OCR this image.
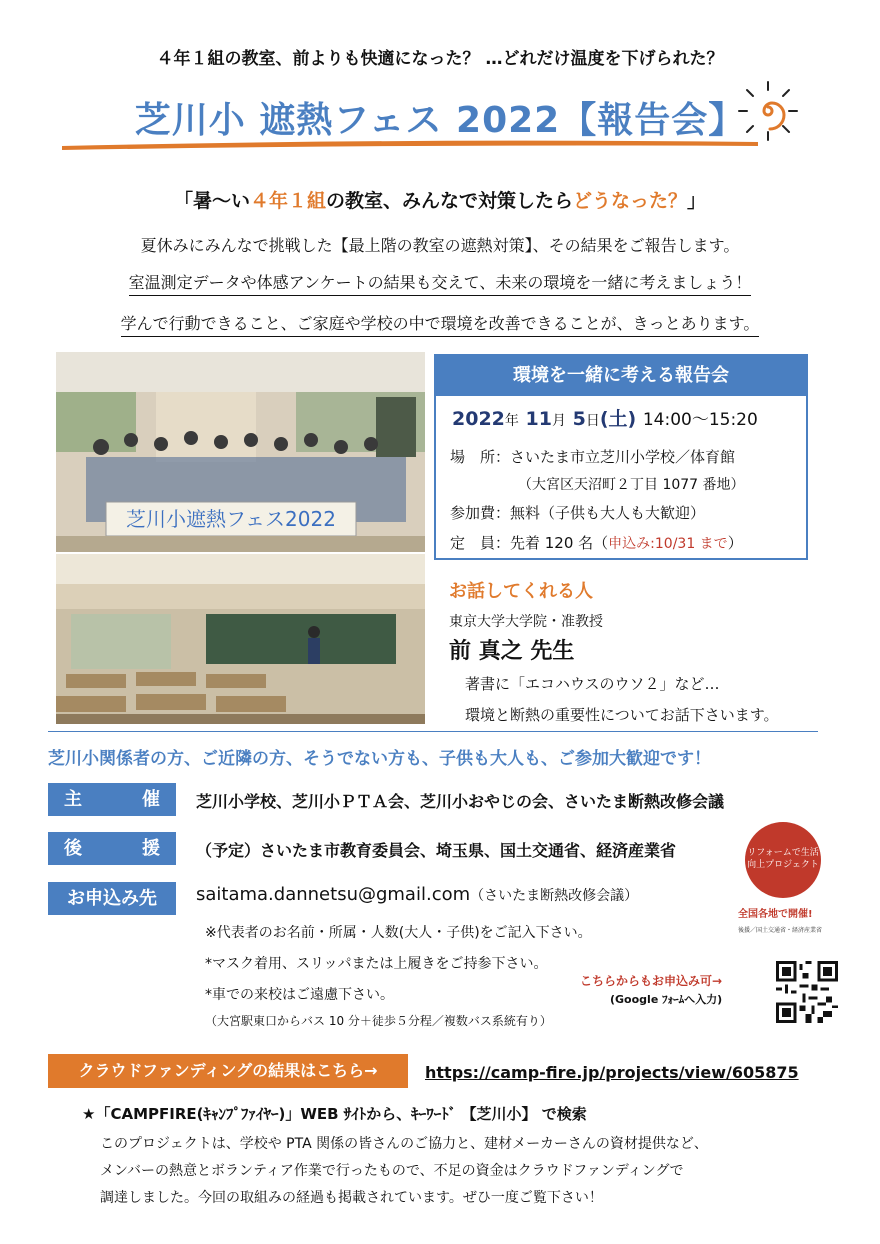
４年１組の教室、前よりも快適になった？ …どれだけ温度を下げられた？
芝川小 遮熱フェス 2022【報告会】
「暑〜い４年１組の教室、みんなで対策したらどうなった？」
夏休みにみんなで挑戦した【最上階の教室の遮熱対策】、その結果をご報告します。
室温測定データや体感アンケートの結果も交えて、未来の環境を一緒に考えましょう！
学んで行動できること、ご家庭や学校の中で環境を改善できることが、きっとあります。
芝川小遮熱フェス2022
環境を一緒に考える報告会
2022年 11月 5日(土) 14:00〜15:20
場　所：さいたま市立芝川小学校／体育館
（大宮区天沼町２丁目 1077 番地）
参加費：無料（子供も大人も大歓迎）
定　員：先着 120 名（申込み:10/31 まで）
お話してくれる人
東京大学大学院・准教授
前 真之 先生
著書に「エコハウスのウソ２」など…
環境と断熱の重要性についてお話下さいます。
芝川小関係者の方、ご近隣の方、そうでない方も、子供も大人も、ご参加大歓迎です！
主	催 芝川小学校、芝川小ＰＴＡ会、芝川小おやじの会、さいたま断熱改修会議
後	援 （予定）さいたま市教育委員会、埼玉県、国土交通省、経済産業省
お申込み先	saitama.dannetsu@gmail.com（さいたま断熱改修会議）
※代表者のお名前・所属・人数(大人・子供)をご記入下さい。
*マスク着用、スリッパまたは上履きをご持参下さい。
*車での来校はご遠慮下さい。
（大宮駅東口からバス 10 分＋徒歩５分程／複数バス系統有り）
リフォームで生活向上プロジェクト
全国各地で開催!
後援／国土交通省・経済産業省
こちらからもお申込み可→
(Google ﾌｫｰﾑへ入力)
クラウドファンディングの結果はこちら→	https://camp-fire.jp/projects/view/605875
★「CAMPFIRE(ｷｬﾝﾌﾟﾌｧｲﾔｰ)」WEB ｻｲﾄから、ｷｰﾜｰﾄﾞ 【芝川小】 で検索
このプロジェクトは、学校や PTA 関係の皆さんのご協力と、建材メーカーさんの資材提供など、
メンバーの熱意とボランティア作業で行ったもので、不足の資金はクラウドファンディングで
調達しました。今回の取組みの経過も掲載されています。ぜひ一度ご覧下さい！
